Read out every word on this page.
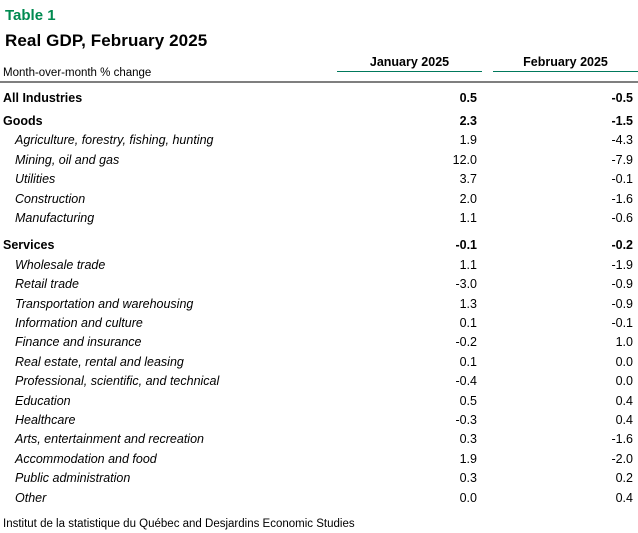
Table 1
Real GDP, February 2025
Month-over-month % change
January 2025	February 2025
All Industries	0.5	-0.5
Goods	2.3	-1.5
Agriculture, forestry, fishing, hunting	1.9	-4.3
Mining, oil and gas	12.0	-7.9
Utilities	3.7	-0.1
Construction	2.0	-1.6
Manufacturing	1.1	-0.6
Services	-0.1	-0.2
Wholesale trade	1.1	-1.9
Retail trade	-3.0	-0.9
Transportation and warehousing	1.3	-0.9
Information and culture	0.1	-0.1
Finance and insurance	-0.2	1.0
Real estate, rental and leasing	0.1	0.0
Professional, scientific, and technical	-0.4	0.0
Education	0.5	0.4
Healthcare	-0.3	0.4
Arts, entertainment and recreation	0.3	-1.6
Accommodation and food	1.9	-2.0
Public administration	0.3	0.2
Other	0.0	0.4
Institut de la statistique du Québec and Desjardins Economic Studies
